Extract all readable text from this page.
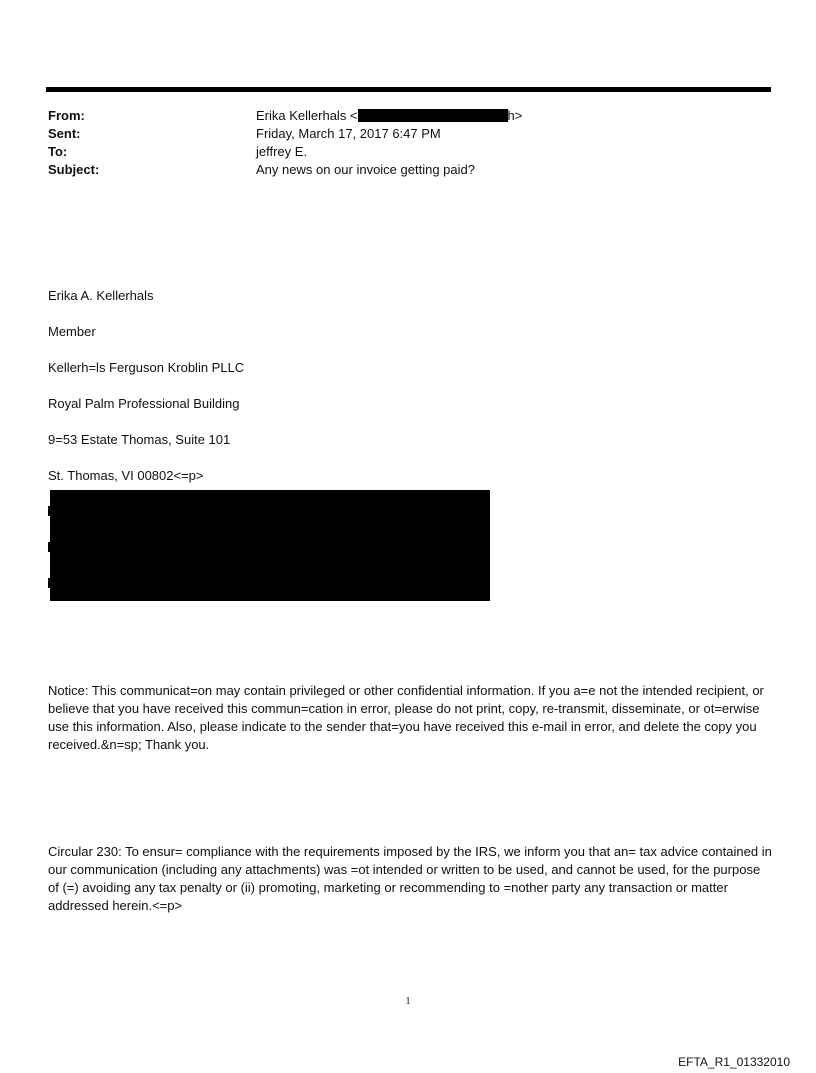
From:	Erika Kellerhals <	h>
Sent:	Friday, March 17, 2017 6:47 PM
To:	jeffrey E.
Subject:	Any news on our invoice getting paid?
Erika A. Kellerhals
Member
Kellerh=ls Ferguson Kroblin PLLC
Royal Palm Professional Building
9=53 Estate Thomas, Suite 101
St. Thomas, VI 00802<=p>
Notice: This communicat=on may contain privileged or other confidential information. If you a=e not the intended recipient, or believe that you have received this commun=cation in error, please do not print, copy, re-transmit, disseminate, or ot=erwise use this information. Also, please indicate to the sender that=you have received this e-mail in error, and delete the copy you received.&n=sp; Thank you.
Circular 230: To ensur= compliance with the requirements imposed by the IRS, we inform you that an= tax advice contained in our communication (including any attachments) was =ot intended or written to be used, and cannot be used, for the purpose of (=) avoiding any tax penalty or (ii) promoting, marketing or recommending to =nother party any transaction or matter addressed herein.<=p>
1
EFTA_R1_01332010
